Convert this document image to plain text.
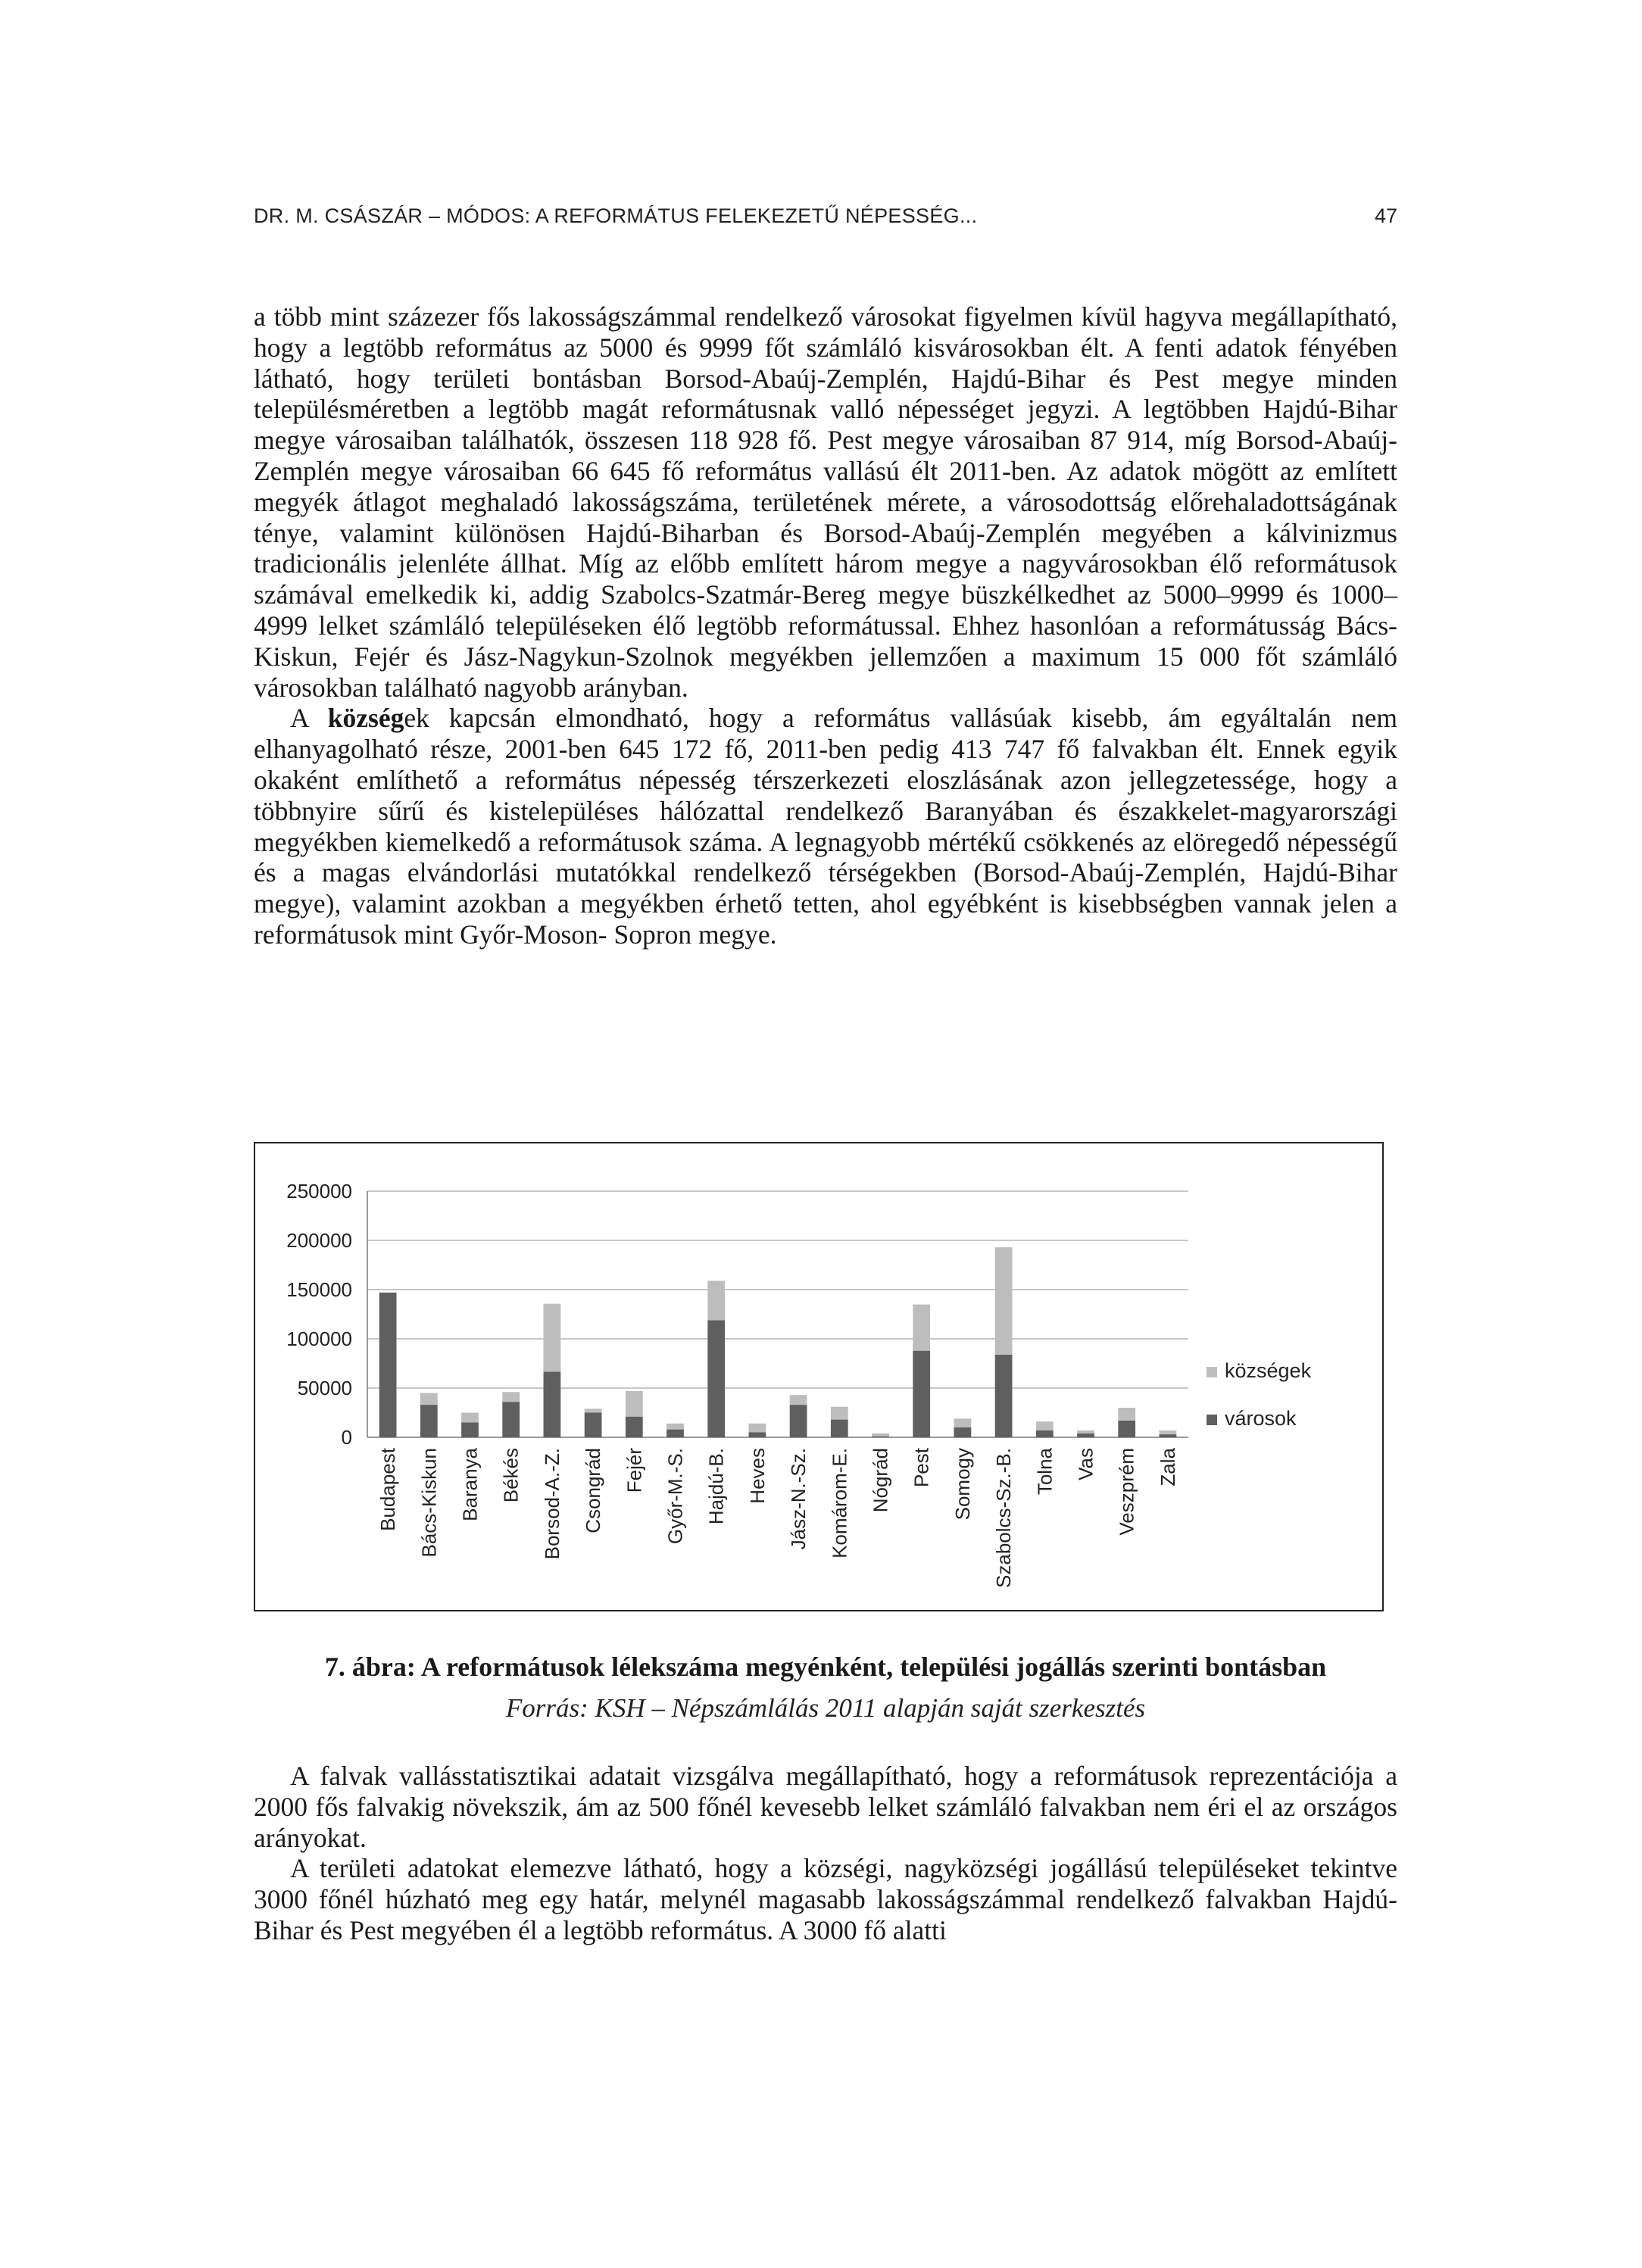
DR. M. CSÁSZÁR – MÓDOS: A REFORMÁTUS FELEKEZETŰ NÉPESSÉG...	47

a több mint százezer fős lakosságszámmal rendelkező városokat figyelmen kívül hagyva megállapítható, hogy a legtöbb református az 5000 és 9999 főt számláló kisvárosokban élt. A fenti adatok fényében látható, hogy területi bontásban Borsod-Abaúj-Zemplén, Hajdú-Bihar és Pest megye minden településméretben a legtöbb magát reformátusnak valló népességet jegyzi. A legtöbben Hajdú-Bihar megye városaiban találhatók, összesen 118 928 fő. Pest megye városaiban 87 914, míg Borsod-Abaúj-Zemplén megye városaiban 66 645 fő református vallású élt 2011-ben. Az adatok mögött az említett megyék átlagot meghaladó lakosságszáma, területének mérete, a városodottság előrehaladottságának ténye, valamint különösen Hajdú-Biharban és Borsod-Abaúj-Zemplén megyében a kálvinizmus tradicionális jelenléte állhat. Míg az előbb említett három megye a nagyvárosokban élő reformátusok számával emelkedik ki, addig Szabolcs-Szatmár-Bereg megye büszkélkedhet az 5000–9999 és 1000–4999 lelket számláló településeken élő legtöbb reformátussal. Ehhez hasonlóan a reformátusság Bács-Kiskun, Fejér és Jász-Nagykun-Szolnok megyékben jellemzően a maximum 15 000 főt számláló városokban található nagyobb arányban.

A községek kapcsán elmondható, hogy a református vallásúak kisebb, ám egyáltalán nem elhanyagolható része, 2001-ben 645 172 fő, 2011-ben pedig 413 747 fő falvakban élt. Ennek egyik okaként említhető a református népesség térszerkezeti eloszlásának azon jellegzetessége, hogy a többnyire sűrű és kistelepüléses hálózattal rendelkező Baranyában és északkelet-magyarországi megyékben kiemelkedő a reformátusok száma. A legnagyobb mértékű csökkenés az elöregedő népességű és a magas elvándorlási mutatókkal rendelkező térségekben (Borsod-Abaúj-Zemplén, Hajdú-Bihar megye), valamint azokban a megyékben érhető tetten, ahol egyébként is kisebbségben vannak jelen a reformátusok mint Győr-Moson- Sopron megye.

0
50000
100000
150000
200000
250000
Budapest Bács-Kiskun Baranya Békés Borsod-A.-Z. Csongrád Fejér Győr-M.-S. Hajdú-B. Heves Jász-N.-Sz. Komárom-E. Nógrád Pest Somogy Szabolcs-Sz.-B. Tolna Vas Veszprém Zala
községek
városok
7. ábra: A reformátusok lélekszáma megyénként, települési jogállás szerinti bontásban
Forrás: KSH – Népszámlálás 2011 alapján saját szerkesztés

A falvak vallásstatisztikai adatait vizsgálva megállapítható, hogy a reformátusok reprezentációja a 2000 fős falvakig növekszik, ám az 500 főnél kevesebb lelket számláló falvakban nem éri el az országos arányokat.

A területi adatokat elemezve látható, hogy a községi, nagyközségi jogállású településeket tekintve 3000 főnél húzható meg egy határ, melynél magasabb lakosságszámmal rendelkező falvakban Hajdú-Bihar és Pest megyében él a legtöbb református. A 3000 fő alatti
